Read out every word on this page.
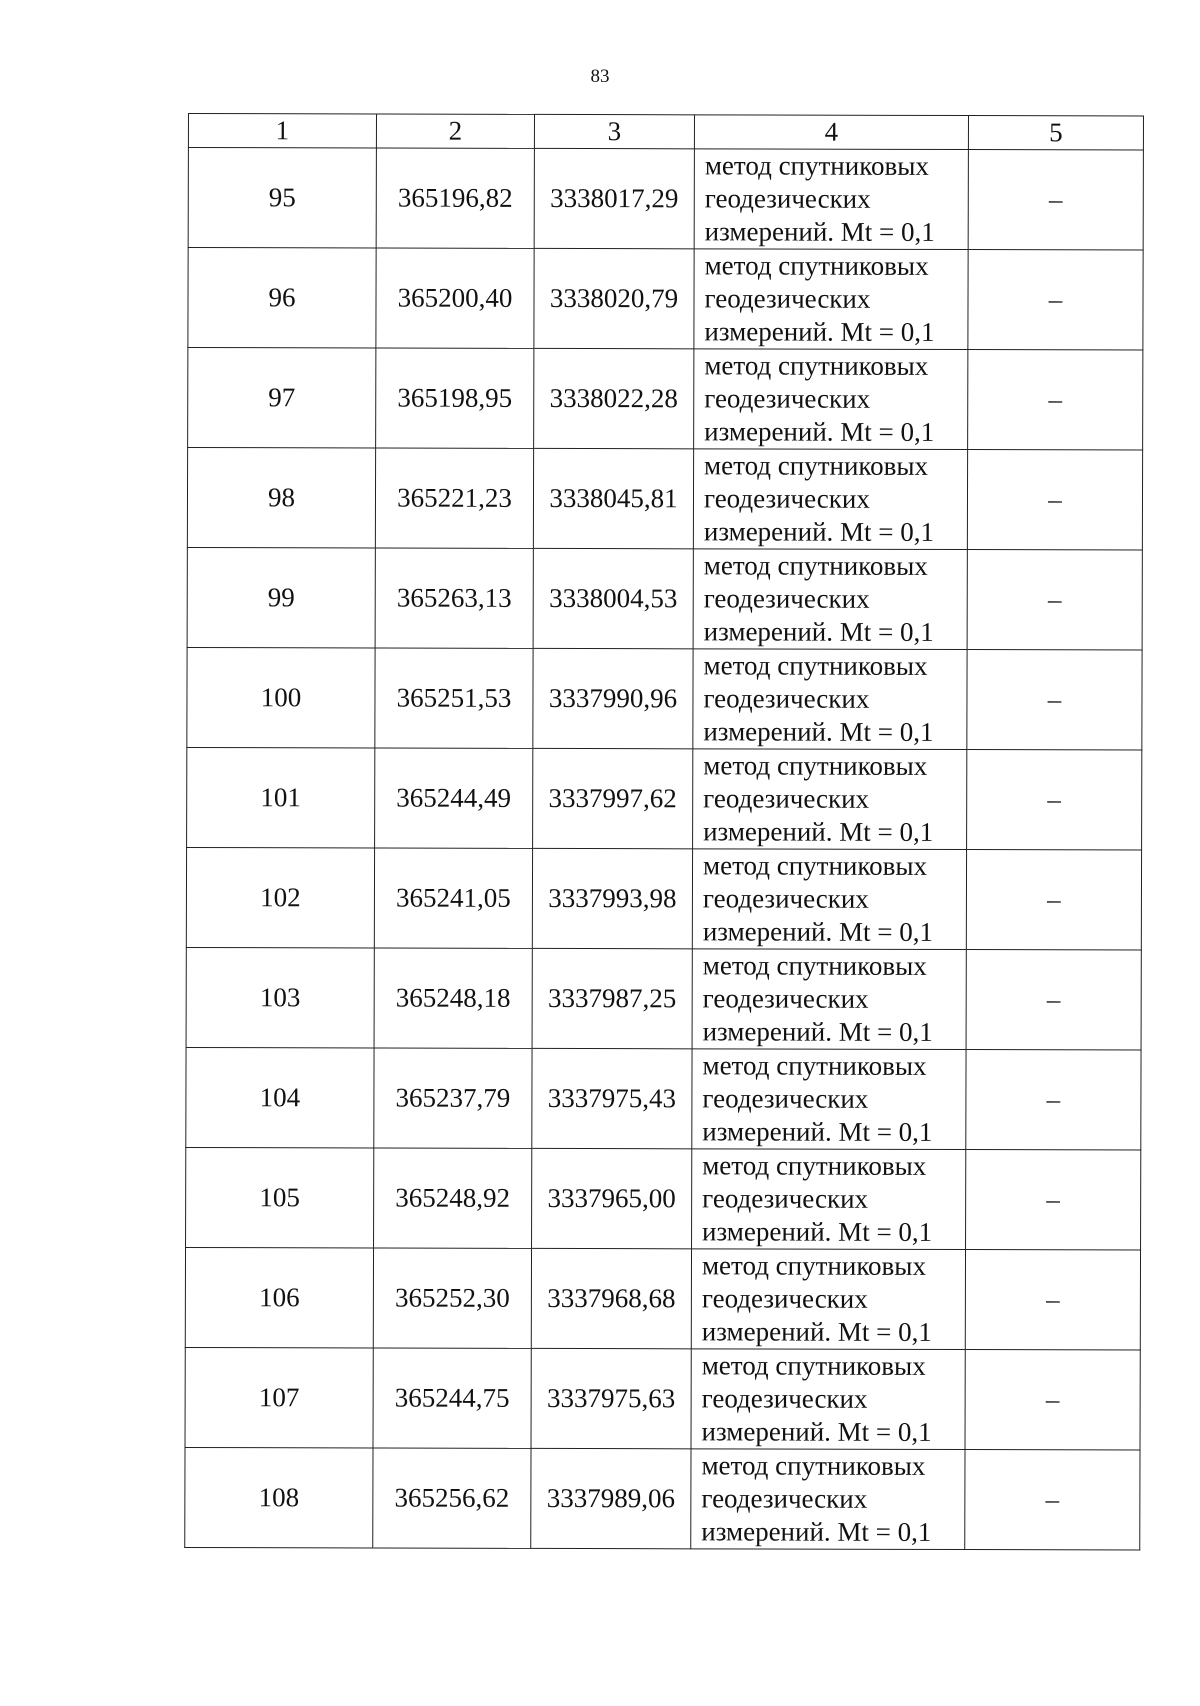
83
1	2	3	4	5
95	365196,82	3338017,29	метод спутниковых
геодезических
измерений. Mt = 0,1	–
96	365200,40	3338020,79	метод спутниковых
геодезических
измерений. Mt = 0,1	–
97	365198,95	3338022,28	метод спутниковых
геодезических
измерений. Mt = 0,1	–
98	365221,23	3338045,81	метод спутниковых
геодезических
измерений. Mt = 0,1	–
99	365263,13	3338004,53	метод спутниковых
геодезических
измерений. Mt = 0,1	–
100	365251,53	3337990,96	метод спутниковых
геодезических
измерений. Mt = 0,1	–
101	365244,49	3337997,62	метод спутниковых
геодезических
измерений. Mt = 0,1	–
102	365241,05	3337993,98	метод спутниковых
геодезических
измерений. Mt = 0,1	–
103	365248,18	3337987,25	метод спутниковых
геодезических
измерений. Mt = 0,1	–
104	365237,79	3337975,43	метод спутниковых
геодезических
измерений. Mt = 0,1	–
105	365248,92	3337965,00	метод спутниковых
геодезических
измерений. Mt = 0,1	–
106	365252,30	3337968,68	метод спутниковых
геодезических
измерений. Mt = 0,1	–
107	365244,75	3337975,63	метод спутниковых
геодезических
измерений. Mt = 0,1	–
108	365256,62	3337989,06	метод спутниковых
геодезических
измерений. Mt = 0,1	–
